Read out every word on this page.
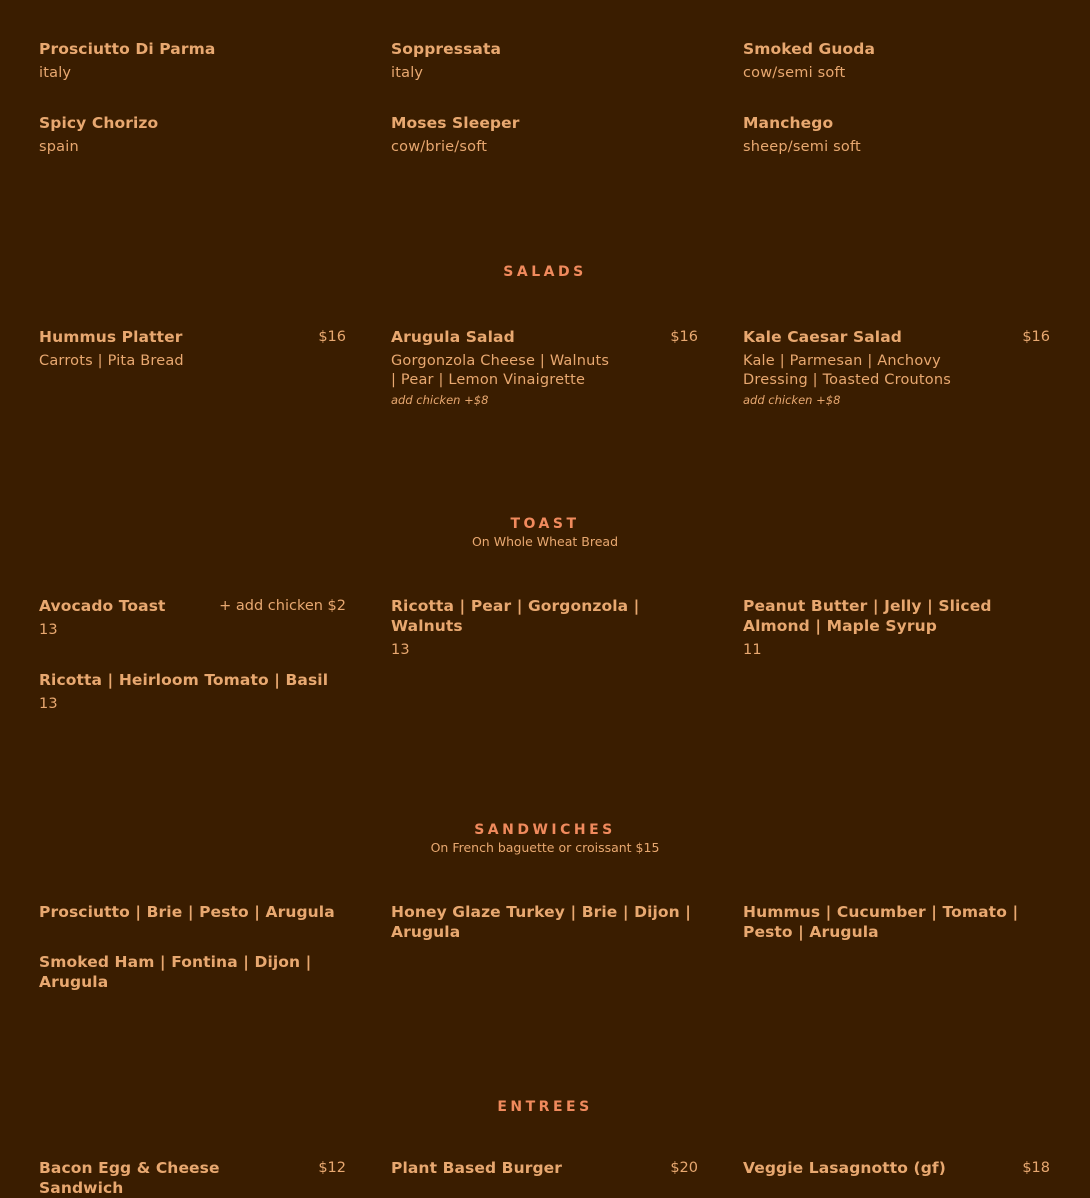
Prosciutto Di Parma
italy
Soppressata
italy
Smoked Guoda
cow/semi soft
Spicy Chorizo
spain
Moses Sleeper
cow/brie/soft
Manchego
sheep/semi soft
SALADS
Hummus Platter	$16
Carrots | Pita Bread
Arugula Salad	$16
Gorgonzola Cheese | Walnuts | Pear | Lemon Vinaigrette
add chicken +$8
Kale Caesar Salad	$16
Kale | Parmesan | Anchovy Dressing | Toasted Croutons
add chicken +$8
TOAST
On Whole Wheat Bread
Avocado Toast	+ add chicken $2
13
Ricotta | Pear | Gorgonzola | Walnuts
13
Peanut Butter | Jelly | Sliced Almond | Maple Syrup
11
Ricotta | Heirloom Tomato | Basil
13
SANDWICHES
On French baguette or croissant $15
Prosciutto | Brie | Pesto | Arugula	Honey Glaze Turkey | Brie | Dijon | Arugula
Hummus | Cucumber | Tomato | Pesto | Arugula
Smoked Ham | Fontina | Dijon | Arugula
ENTREES
Bacon Egg & Cheese Sandwich
$12	Plant Based Burger	$20	Veggie Lasagnotto (gf)	$18
